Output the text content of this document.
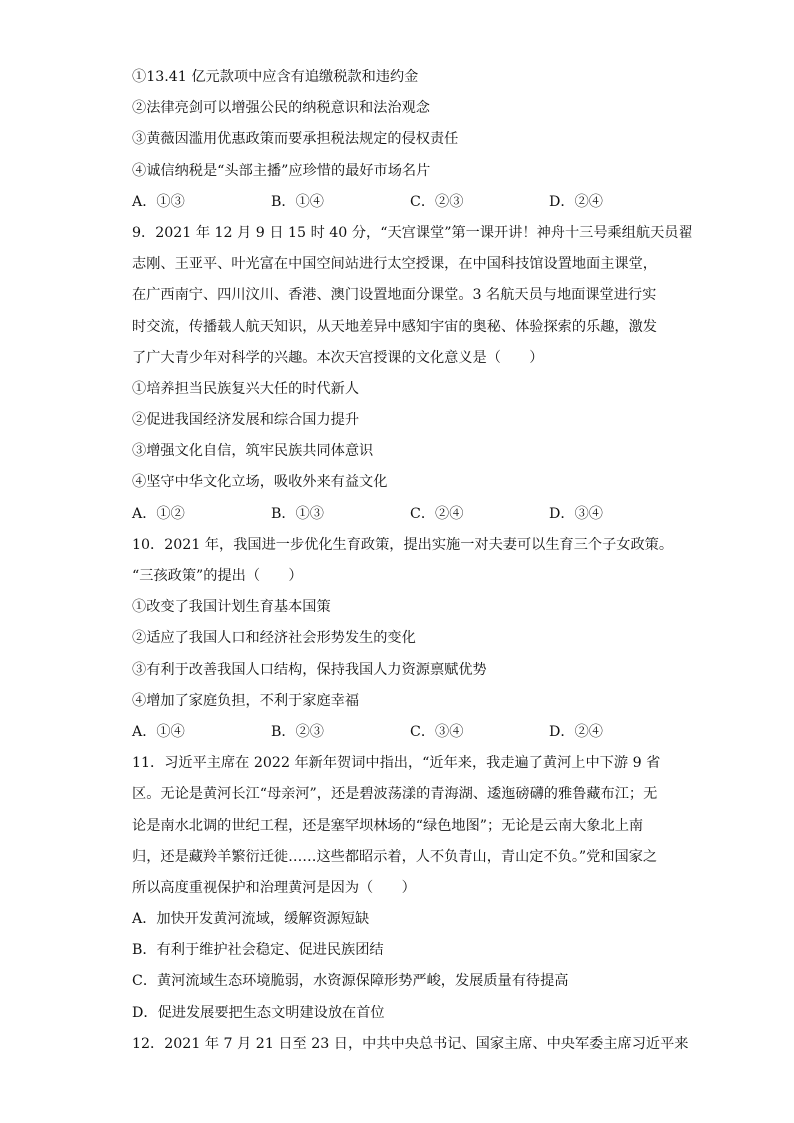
①13.41 亿元款项中应含有追缴税款和违约金
②法律亮剑可以增强公民的纳税意识和法治观念
③黄薇因滥用优惠政策而要承担税法规定的侵权责任
④诚信纳税是“头部主播”应珍惜的最好市场名片
A．①③	B．①④	C．②③	D．②④
9．2021 年 12 月 9 日 15 时 40 分，“天宫课堂”第一课开讲！神舟十三号乘组航天员翟
志刚、王亚平、叶光富在中国空间站进行太空授课，在中国科技馆设置地面主课堂，
在广西南宁、四川汶川、香港、澳门设置地面分课堂。3 名航天员与地面课堂进行实
时交流，传播载人航天知识，从天地差异中感知宇宙的奥秘、体验探索的乐趣，激发
了广大青少年对科学的兴趣。本次天宫授课的文化意义是（　　）
①培养担当民族复兴大任的时代新人
②促进我国经济发展和综合国力提升
③增强文化自信，筑牢民族共同体意识
④坚守中华文化立场，吸收外来有益文化
A．①②	B．①③	C．②④	D．③④
10．2021 年，我国进一步优化生育政策，提出实施一对夫妻可以生育三个子女政策。
“三孩政策”的提出（　　）
①改变了我国计划生育基本国策
②适应了我国人口和经济社会形势发生的变化
③有利于改善我国人口结构，保持我国人力资源禀赋优势
④增加了家庭负担，不利于家庭幸福
A．①④	B．②③	C．③④	D．②④
11．习近平主席在 2022 年新年贺词中指出，“近年来，我走遍了黄河上中下游 9 省
区。无论是黄河长江“母亲河”，还是碧波荡漾的青海湖、逶迤磅礴的雅鲁藏布江；无
论是南水北调的世纪工程，还是塞罕坝林场的“绿色地图”；无论是云南大象北上南
归，还是藏羚羊繁衍迁徙……这些都昭示着，人不负青山，青山定不负。”党和国家之
所以高度重视保护和治理黄河是因为（　　）
A．加快开发黄河流域，缓解资源短缺
B．有利于维护社会稳定、促进民族团结
C．黄河流域生态环境脆弱，水资源保障形势严峻，发展质量有待提高
D．促进发展要把生态文明建设放在首位
12．2021 年 7 月 21 日至 23 日，中共中央总书记、国家主席、中央军委主席习近平来
